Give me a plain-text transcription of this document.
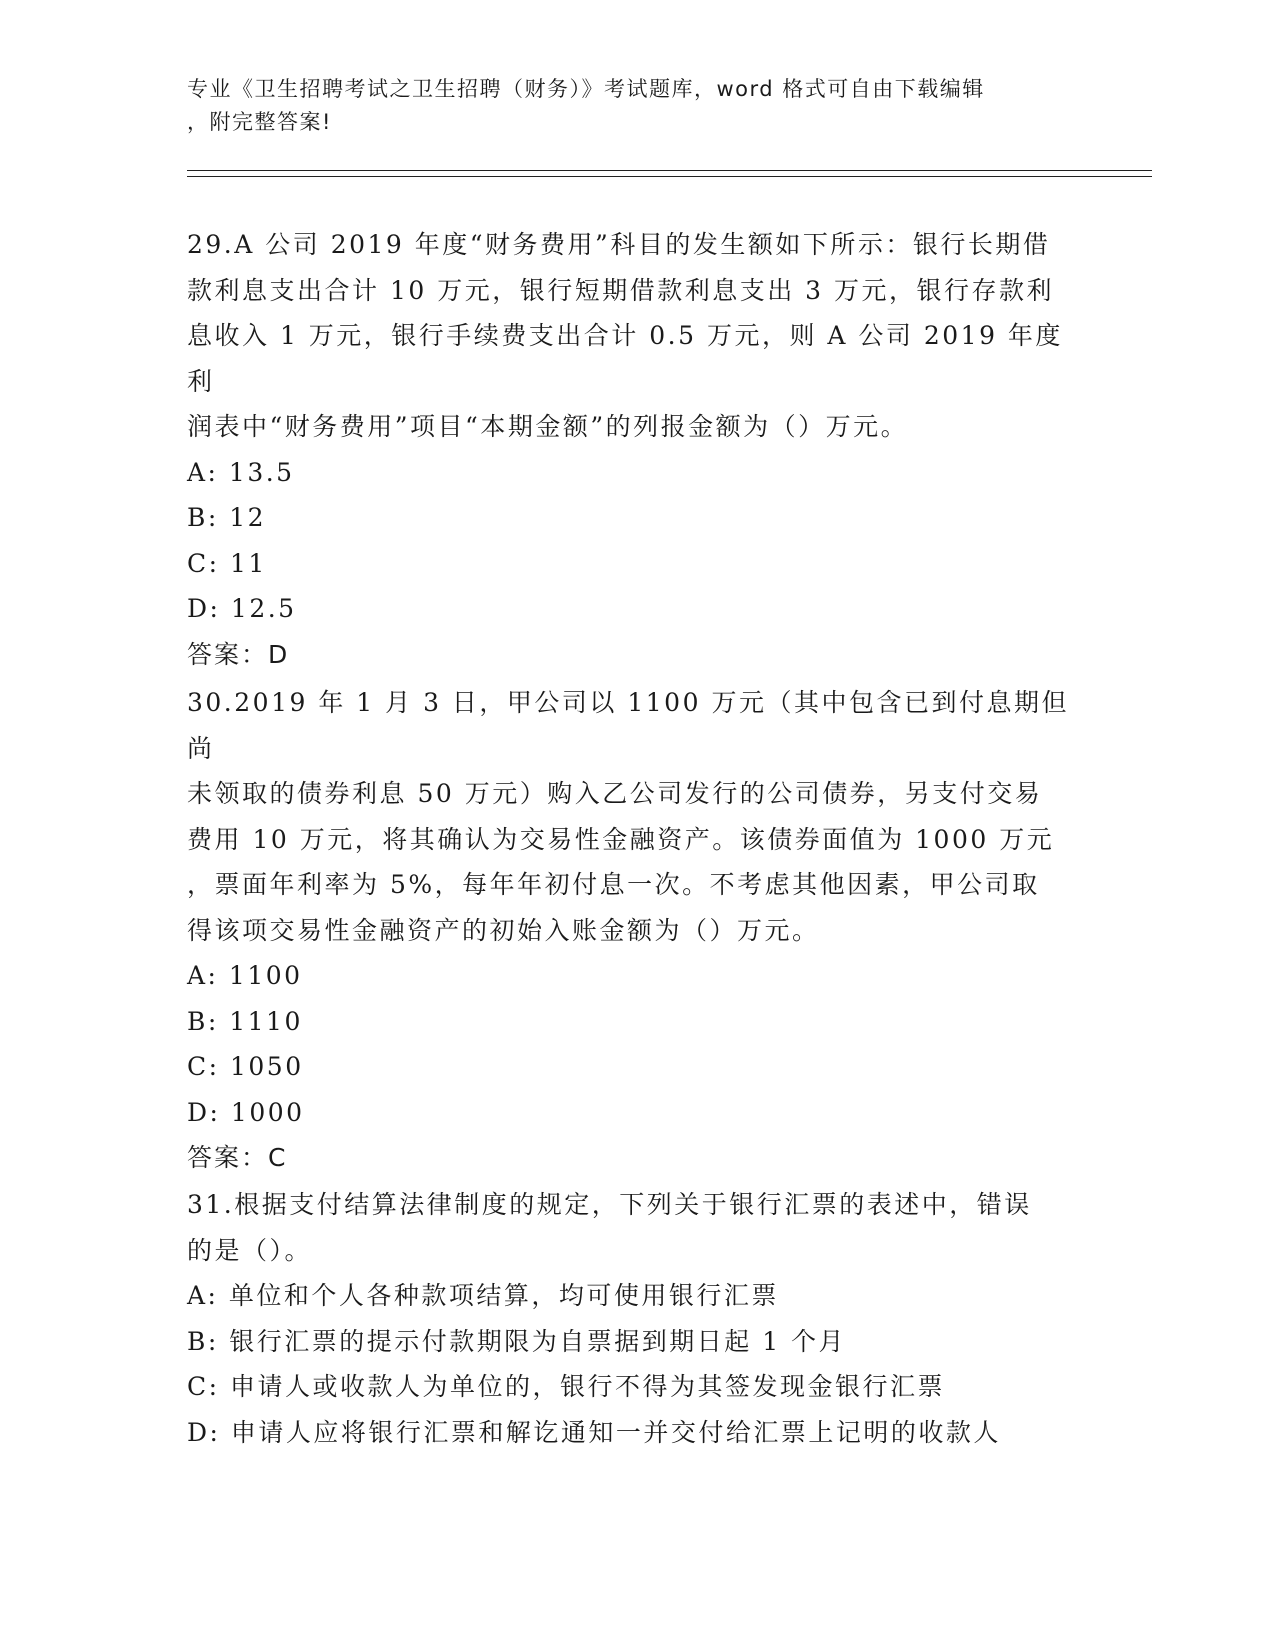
专业《卫生招聘考试之卫生招聘（财务）》考试题库，word 格式可自由下载编辑
，附完整答案!
29.A 公司 2019 年度“财务费用”科目的发生额如下所示：银行长期借
款利息支出合计 10 万元，银行短期借款利息支出 3 万元，银行存款利
息收入 1 万元，银行手续费支出合计 0.5 万元，则 A 公司 2019 年度利
润表中“财务费用”项目“本期金额”的列报金额为（）万元。
A: 13.5
B: 12
C: 11
D: 12.5
答案：D
30.2019 年 1 月 3 日，甲公司以 1100 万元（其中包含已到付息期但尚
未领取的债券利息 50 万元）购入乙公司发行的公司债券，另支付交易
费用 10 万元，将其确认为交易性金融资产。该债券面值为 1000 万元
，票面年利率为 5%，每年年初付息一次。不考虑其他因素，甲公司取
得该项交易性金融资产的初始入账金额为（）万元。
A: 1100
B: 1110
C: 1050
D: 1000
答案：C
31.根据支付结算法律制度的规定，下列关于银行汇票的表述中，错误
的是（）。
A: 单位和个人各种款项结算，均可使用银行汇票
B: 银行汇票的提示付款期限为自票据到期日起 1 个月
C: 申请人或收款人为单位的，银行不得为其签发现金银行汇票
D: 申请人应将银行汇票和解讫通知一并交付给汇票上记明的收款人
